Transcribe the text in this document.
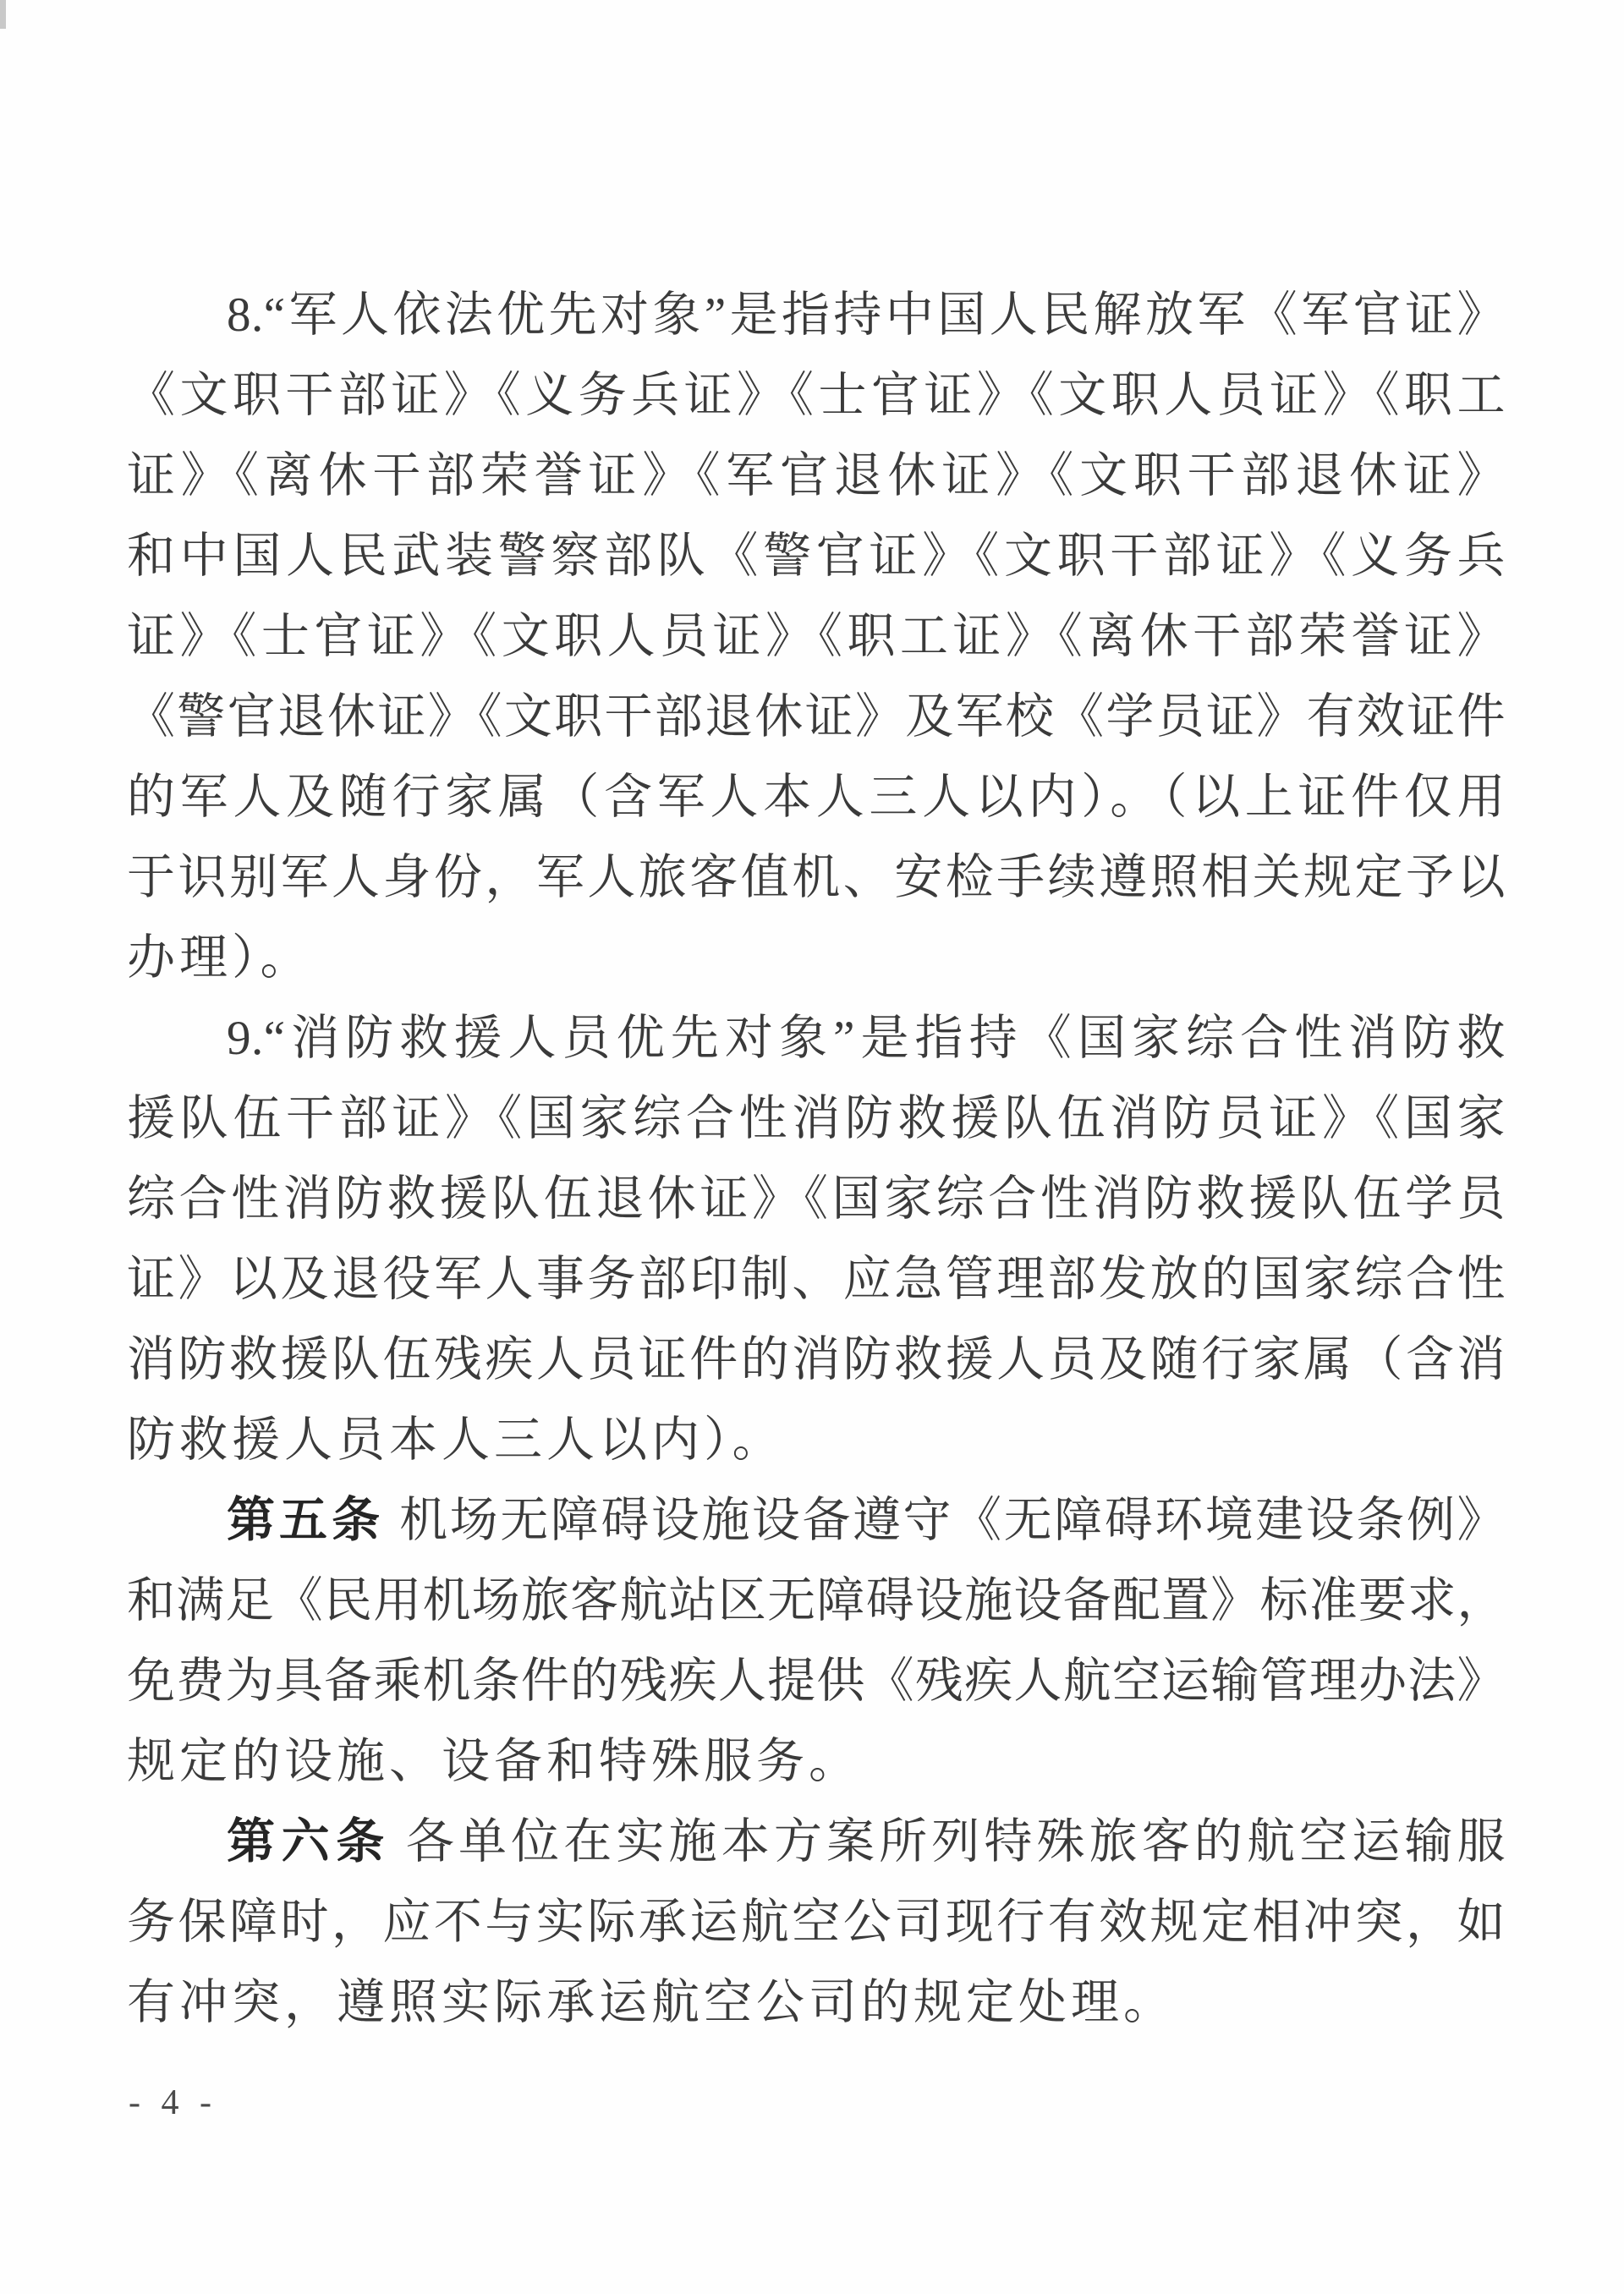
8.“军人依法优先对象”是指持中国人民解放军《军官证》
《文职干部证》《义务兵证》《士官证》《文职人员证》《职工
证》《离休干部荣誉证》《军官退休证》《文职干部退休证》
和中国人民武装警察部队《警官证》《文职干部证》《义务兵
证》《士官证》《文职人员证》《职工证》《离休干部荣誉证》
《警官退休证》《文职干部退休证》及军校《学员证》有效证件
的军人及随行家属（含军人本人三人以内）。（以上证件仅用
于识别军人身份，军人旅客值机、安检手续遵照相关规定予以
办理）。
9.“消防救援人员优先对象”是指持《国家综合性消防救
援队伍干部证》《国家综合性消防救援队伍消防员证》《国家
综合性消防救援队伍退休证》《国家综合性消防救援队伍学员
证》以及退役军人事务部印制、应急管理部发放的国家综合性
消防救援队伍残疾人员证件的消防救援人员及随行家属（含消
防救援人员本人三人以内）。
第五条 机场无障碍设施设备遵守《无障碍环境建设条例》
和满足《民用机场旅客航站区无障碍设施设备配置》标准要求，
免费为具备乘机条件的残疾人提供《残疾人航空运输管理办法》
规定的设施、设备和特殊服务。
第六条 各单位在实施本方案所列特殊旅客的航空运输服
务保障时，应不与实际承运航空公司现行有效规定相冲突，如
有冲突，遵照实际承运航空公司的规定处理。
- 4 -
